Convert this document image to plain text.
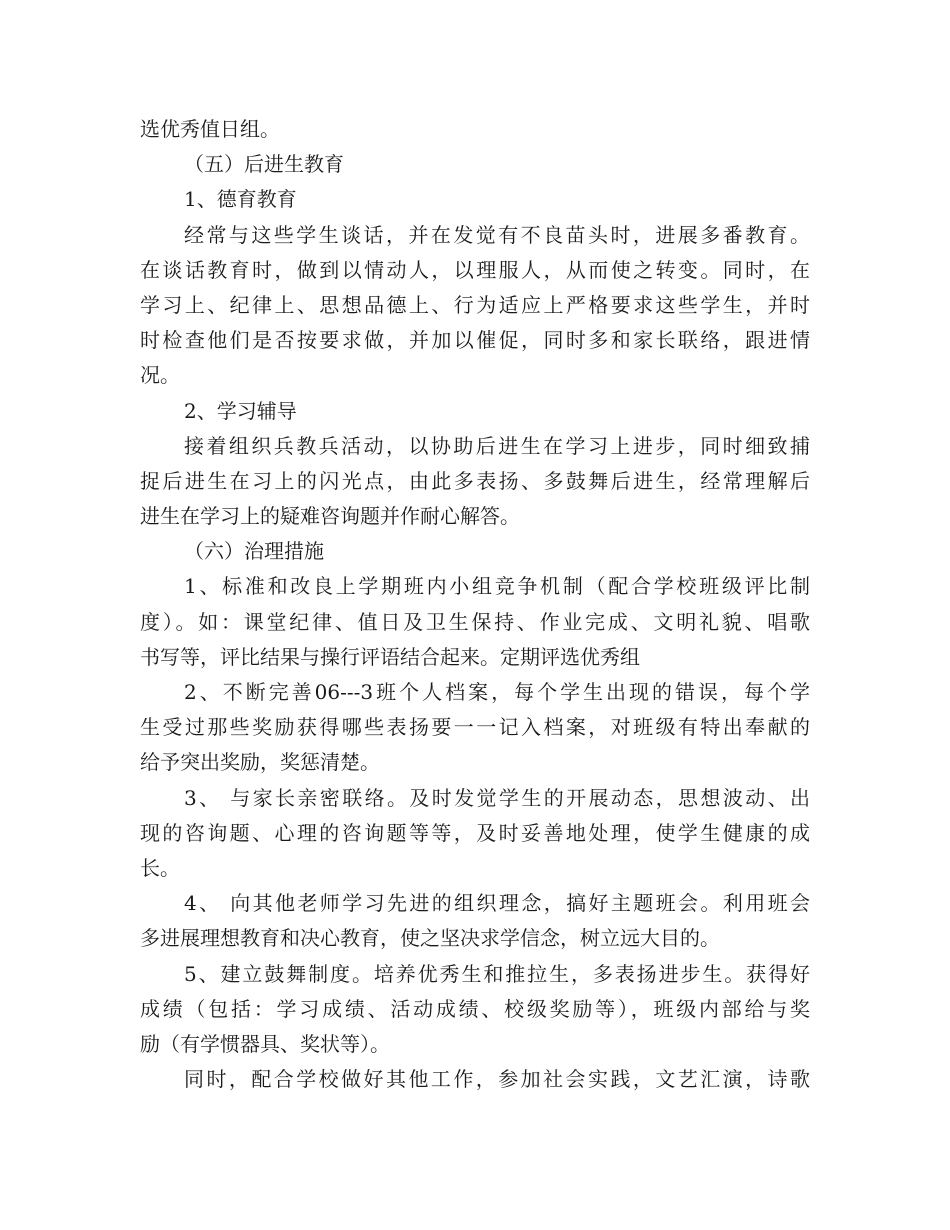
选优秀值日组。
（五）后进生教育
1、德育教育
经常与这些学生谈话，并在发觉有不良苗头时，进展多番教育。
在谈话教育时，做到以情动人，以理服人，从而使之转变。同时，在
学习上、纪律上、思想品德上、行为适应上严格要求这些学生，并时
时检查他们是否按要求做，并加以催促，同时多和家长联络，跟进情
况。
2、学习辅导
接着组织兵教兵活动，以协助后进生在学习上进步，同时细致捕
捉后进生在习上的闪光点，由此多表扬、多鼓舞后进生，经常理解后
进生在学习上的疑难咨询题并作耐心解答。
（六）治理措施
1、标准和改良上学期班内小组竞争机制（配合学校班级评比制
度）。如：课堂纪律、值日及卫生保持、作业完成、文明礼貌、唱歌
书写等，评比结果与操行评语结合起来。定期评选优秀组
2、不断完善06---3班个人档案，每个学生出现的错误，每个学
生受过那些奖励获得哪些表扬要一一记入档案，对班级有特出奉献的
给予突出奖励，奖惩清楚。
3、 与家长亲密联络。及时发觉学生的开展动态，思想波动、出
现的咨询题、心理的咨询题等等，及时妥善地处理，使学生健康的成
长。
4、 向其他老师学习先进的组织理念，搞好主题班会。利用班会
多进展理想教育和决心教育，使之坚决求学信念，树立远大目的。
5、建立鼓舞制度。培养优秀生和推拉生，多表扬进步生。获得好
成绩（包括：学习成绩、活动成绩、校级奖励等），班级内部给与奖
励（有学惯器具、奖状等）。
同时，配合学校做好其他工作，参加社会实践，文艺汇演，诗歌
